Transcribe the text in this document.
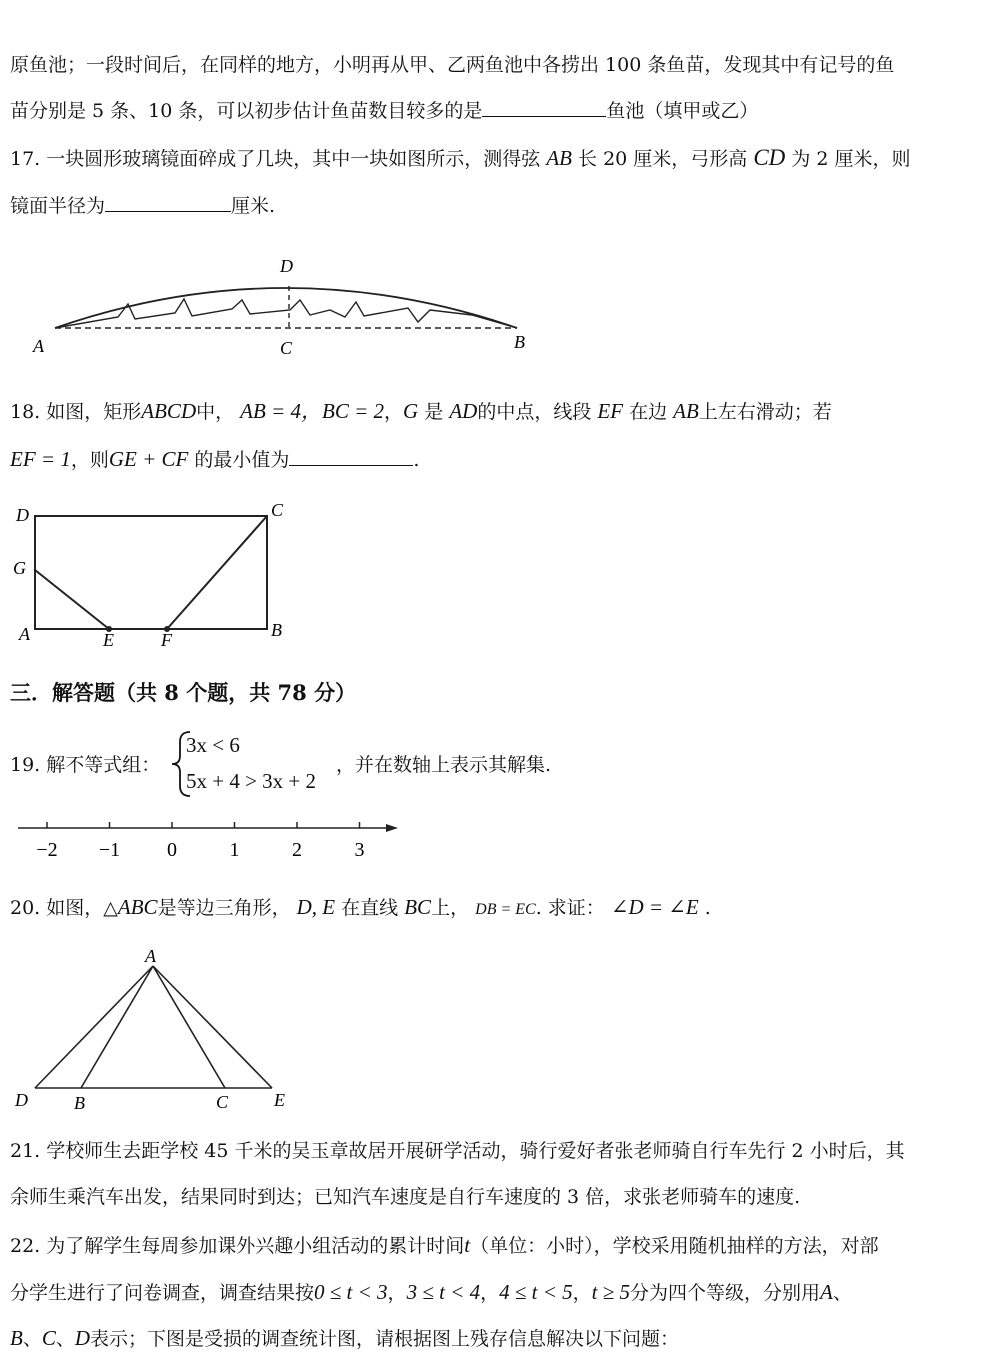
原鱼池；一段时间后，在同样的地方，小明再从甲、乙两鱼池中各捞出 100 条鱼苗，发现其中有记号的鱼
苗分别是 5 条、10 条，可以初步估计鱼苗数目较多的是	鱼池（填甲或乙）
17. 一块圆形玻璃镜面碎成了几块，其中一块如图所示，测得弦 AB 长 20 厘米，弓形高 CD 为 2 厘米，则
镜面半径为	厘米.
A	B
C
D
18. 如图，矩形ABCD中， AB = 4，BC = 2，G 是 AD的中点，线段 EF 在边 AB上左右滑动；若
EF = 1，则GE + CF 的最小值为	.
D	C
G
A	B
E	F
三．解答题（共 8 个题，共 78 分）
19. 解不等式组：
3x < 6
5x + 4 > 3x + 2
，并在数轴上表示其解集.
−2 −1 0	1	2	3
20. 如图，△ABC是等边三角形， D, E 在直线 BC上， DB = EC. 求证： ∠D = ∠E .
A
D	B	C	E
21. 学校师生去距学校 45 千米的吴玉章故居开展研学活动，骑行爱好者张老师骑自行车先行 2 小时后，其
余师生乘汽车出发，结果同时到达；已知汽车速度是自行车速度的 3 倍，求张老师骑车的速度.
22. 为了解学生每周参加课外兴趣小组活动的累计时间t（单位：小时），学校采用随机抽样的方法，对部
分学生进行了问卷调查，调查结果按0 ≤ t < 3，3 ≤ t < 4，4 ≤ t < 5，t ≥ 5分为四个等级，分别用A、
B、C、D表示；下图是受损的调查统计图，请根据图上残存信息解决以下问题：
